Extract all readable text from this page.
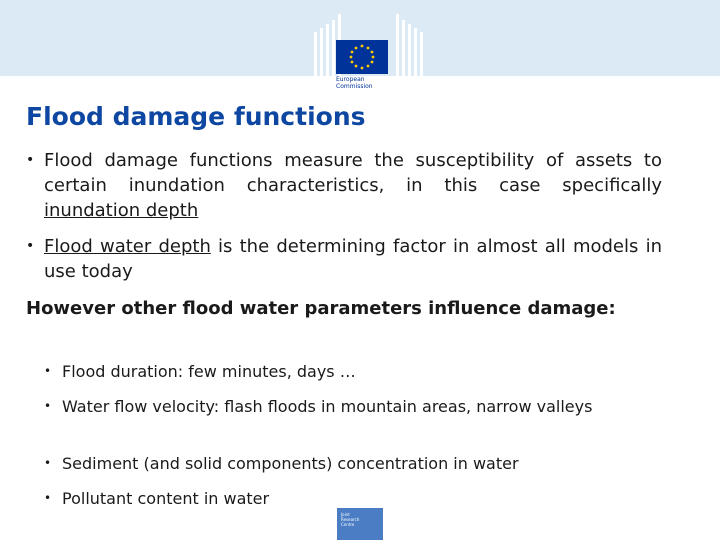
European
Commission
Flood damage functions
• Flood damage functions measure the susceptibility of assets to certain inundation characteristics, in this case specifically inundation depth
• Flood water depth is the determining factor in almost all models in use today
However other flood water parameters influence damage:
• Flood duration: few minutes, days …
• Water flow velocity: flash floods in mountain areas, narrow valleys
• Sediment (and solid components) concentration in water
• Pollutant content in water
Joint
Research
Centre
